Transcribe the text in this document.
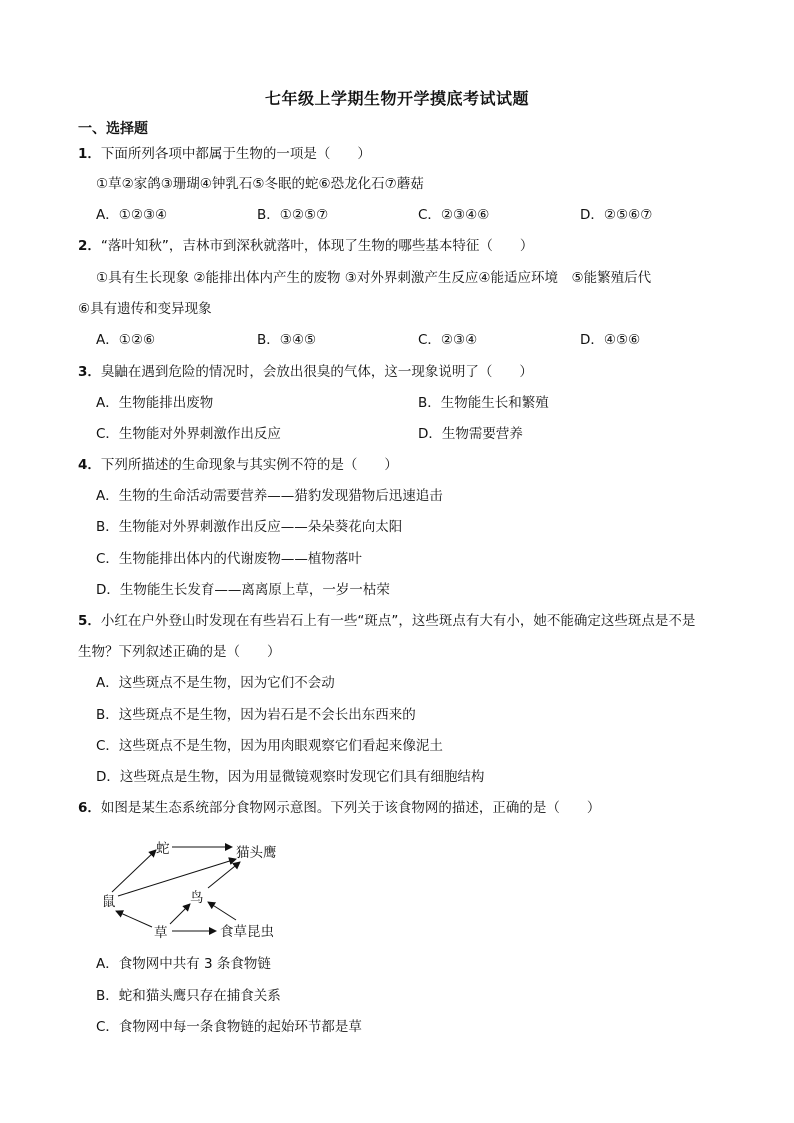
七年级上学期生物开学摸底考试试题
一、选择题
1．下面所列各项中都属于生物的一项是（　　）
①草②家鸽③珊瑚④钟乳石⑤冬眠的蛇⑥恐龙化石⑦蘑菇
A．①②③④	B．①②⑤⑦	C．②③④⑥	D．②⑤⑥⑦
2．“落叶知秋”，吉林市到深秋就落叶，体现了生物的哪些基本特征（　　）
①具有生长现象 ②能排出体内产生的废物 ③对外界刺激产生反应④能适应环境　⑤能繁殖后代
⑥具有遗传和变异现象
A．①②⑥	B．③④⑤	C．②③④	D．④⑤⑥
3．臭鼬在遇到危险的情况时，会放出很臭的气体，这一现象说明了（　　）
A．生物能排出废物	B．生物能生长和繁殖
C．生物能对外界刺激作出反应	D．生物需要营养
4．下列所描述的生命现象与其实例不符的是（　　）
A．生物的生命活动需要营养——猎豹发现猎物后迅速追击
B．生物能对外界刺激作出反应——朵朵葵花向太阳
C．生物能排出体内的代谢废物——植物落叶
D．生物能生长发育——离离原上草，一岁一枯荣
5．小红在户外登山时发现在有些岩石上有一些“斑点”，这些斑点有大有小，她不能确定这些斑点是不是
生物？下列叙述正确的是（　　）
A．这些斑点不是生物，因为它们不会动
B．这些斑点不是生物，因为岩石是不会长出东西来的
C．这些斑点不是生物，因为用肉眼观察它们看起来像泥土
D．这些斑点是生物，因为用显微镜观察时发现它们具有细胞结构
6．如图是某生态系统部分食物网示意图。下列关于该食物网的描述，正确的是（　　）
蛇	猫头鹰
鸟
鼠
草	食草昆虫
A．食物网中共有 3 条食物链
B．蛇和猫头鹰只存在捕食关系
C．食物网中每一条食物链的起始环节都是草
